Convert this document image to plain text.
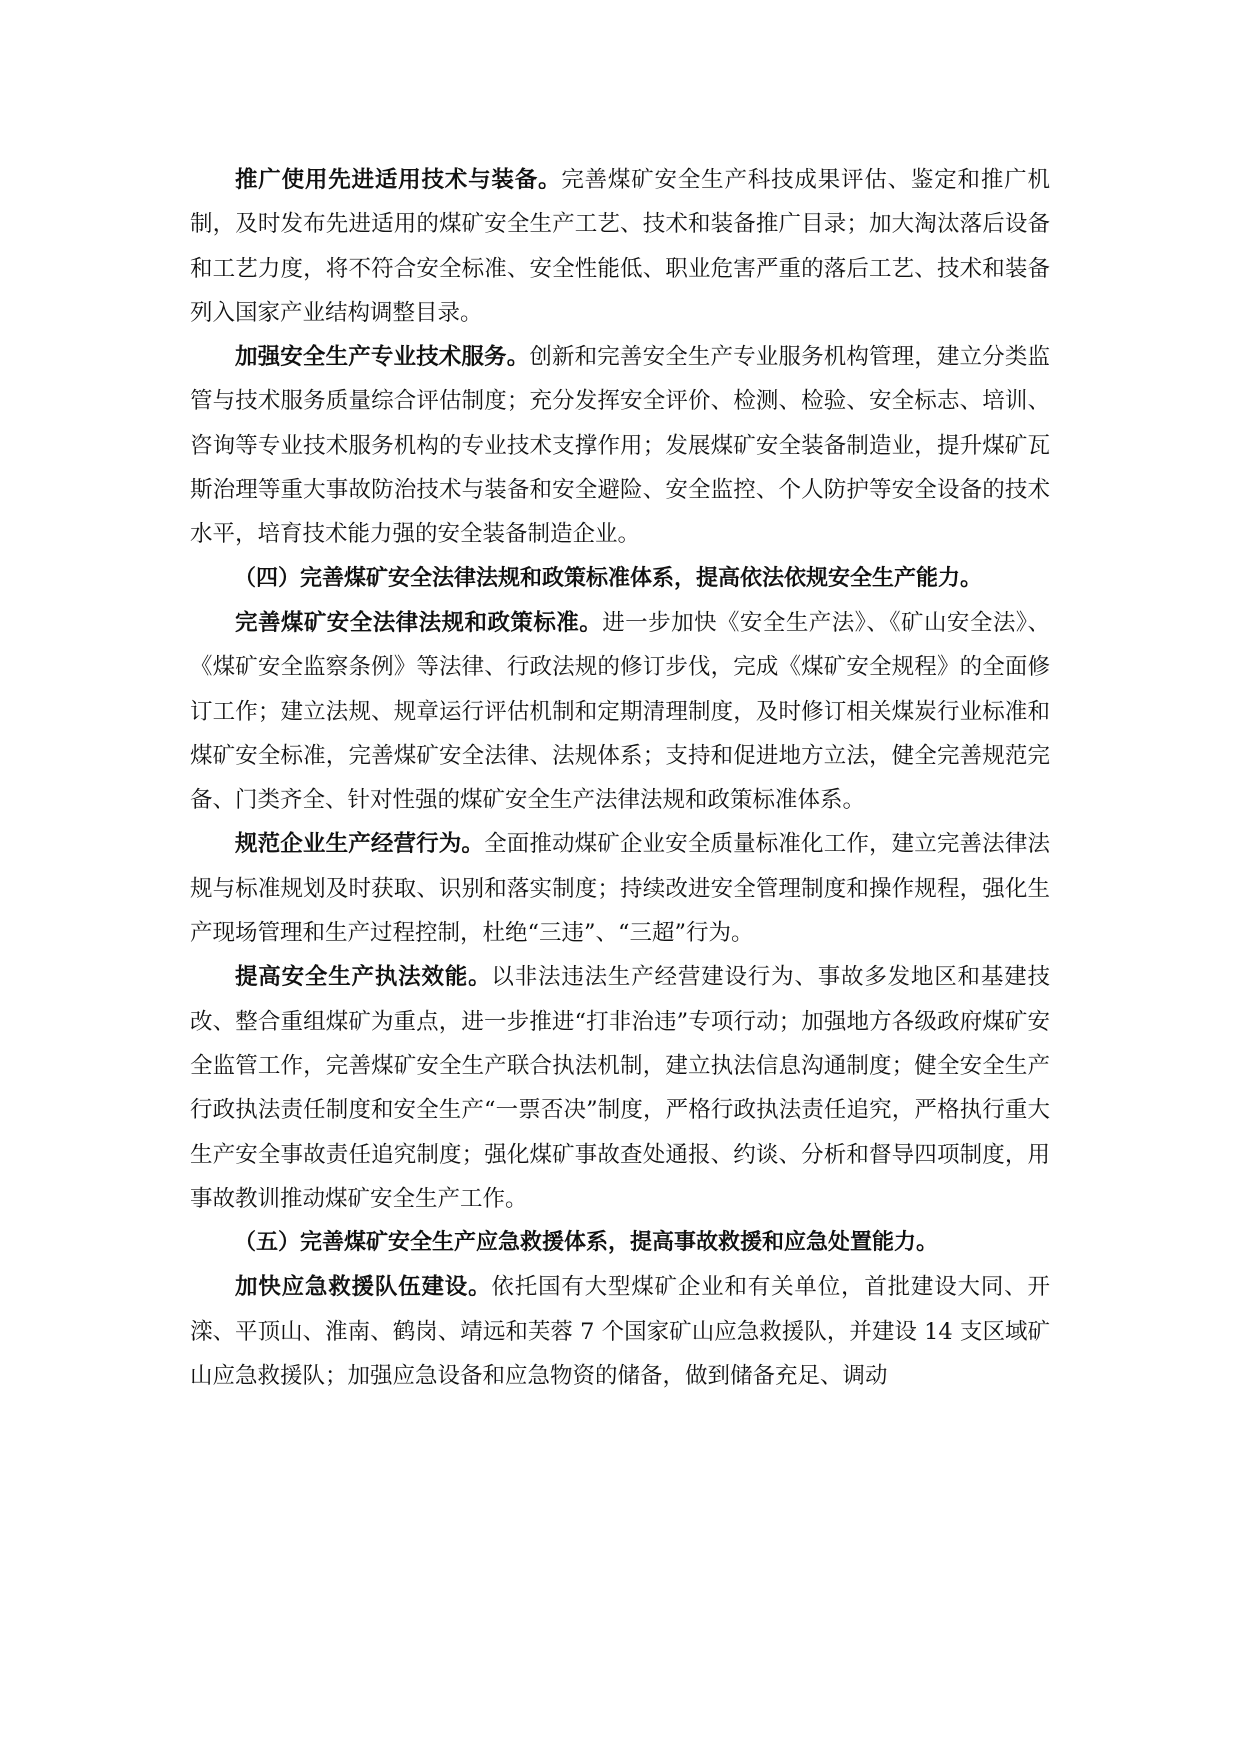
推广使用先进适用技术与装备。完善煤矿安全生产科技成果评估、鉴定和推广机制，及时发布先进适用的煤矿安全生产工艺、技术和装备推广目录；加大淘汰落后设备和工艺力度，将不符合安全标准、安全性能低、职业危害严重的落后工艺、技术和装备列入国家产业结构调整目录。

加强安全生产专业技术服务。创新和完善安全生产专业服务机构管理，建立分类监管与技术服务质量综合评估制度；充分发挥安全评价、检测、检验、安全标志、培训、咨询等专业技术服务机构的专业技术支撑作用；发展煤矿安全装备制造业，提升煤矿瓦斯治理等重大事故防治技术与装备和安全避险、安全监控、个人防护等安全设备的技术水平，培育技术能力强的安全装备制造企业。

（四）完善煤矿安全法律法规和政策标准体系，提高依法依规安全生产能力。

完善煤矿安全法律法规和政策标准。进一步加快《安全生产法》、《矿山安全法》、《煤矿安全监察条例》等法律、行政法规的修订步伐，完成《煤矿安全规程》的全面修订工作；建立法规、规章运行评估机制和定期清理制度，及时修订相关煤炭行业标准和煤矿安全标准，完善煤矿安全法律、法规体系；支持和促进地方立法，健全完善规范完备、门类齐全、针对性强的煤矿安全生产法律法规和政策标准体系。

规范企业生产经营行为。全面推动煤矿企业安全质量标准化工作，建立完善法律法规与标准规划及时获取、识别和落实制度；持续改进安全管理制度和操作规程，强化生产现场管理和生产过程控制，杜绝“三违”、“三超”行为。

提高安全生产执法效能。以非法违法生产经营建设行为、事故多发地区和基建技改、整合重组煤矿为重点，进一步推进“打非治违”专项行动；加强地方各级政府煤矿安全监管工作，完善煤矿安全生产联合执法机制，建立执法信息沟通制度；健全安全生产行政执法责任制度和安全生产“一票否决”制度，严格行政执法责任追究，严格执行重大生产安全事故责任追究制度；强化煤矿事故查处通报、约谈、分析和督导四项制度，用事故教训推动煤矿安全生产工作。

（五）完善煤矿安全生产应急救援体系，提高事故救援和应急处置能力。

加快应急救援队伍建设。依托国有大型煤矿企业和有关单位，首批建设大同、开滦、平顶山、淮南、鹤岗、靖远和芙蓉 7 个国家矿山应急救援队，并建设 14 支区域矿山应急救援队；加强应急设备和应急物资的储备，做到储备充足、调动
